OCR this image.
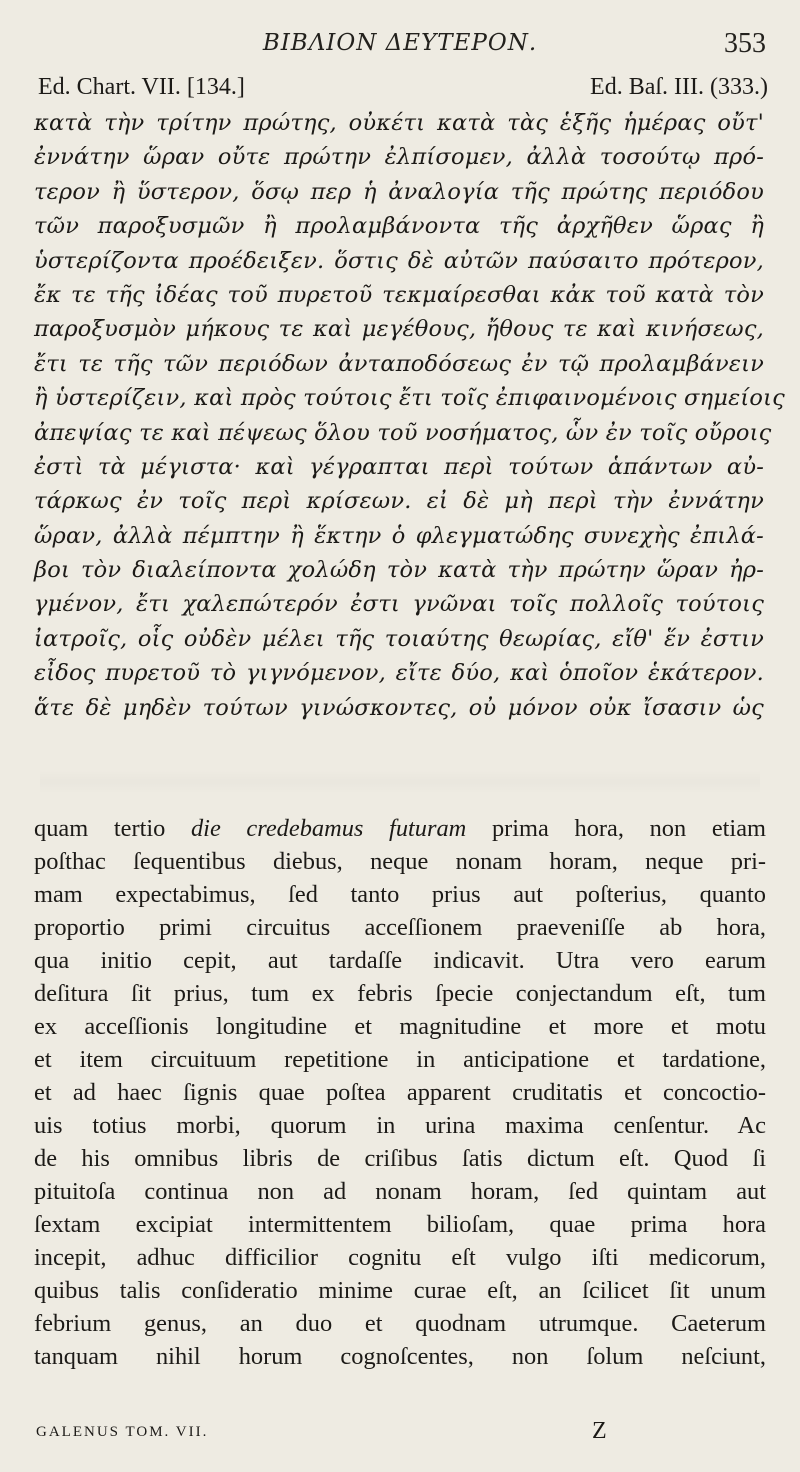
ΒΙΒΛΙΟΝ ΔΕΥΤΕΡΟΝ.	353
Ed. Chart. VII. [134.]	Ed. Baſ. III. (333.)
κατὰ τὴν τρίτην πρώτης, οὐκέτι κατὰ τὰς ἑξῆς ἡμέρας οὔτ'
ἐννάτην ὥραν οὔτε πρώτην ἐλπίσομεν, ἀλλὰ τοσούτῳ πρό-
τερον ἢ ὕστερον, ὅσῳ περ ἡ ἀναλογία τῆς πρώτης περιόδου
τῶν παροξυσμῶν ἢ προλαμβάνοντα τῆς ἀρχῆθεν ὥρας ἢ
ὑστερίζοντα προέδειξεν. ὅστις δὲ αὐτῶν παύσαιτο πρότερον,
ἔκ τε τῆς ἰδέας τοῦ πυρετοῦ τεκμαίρεσθαι κἀκ τοῦ κατὰ τὸν
παροξυσμὸν μήκους τε καὶ μεγέθους, ἤθους τε καὶ κινήσεως,
ἔτι τε τῆς τῶν περιόδων ἀνταποδόσεως ἐν τῷ προλαμβάνειν
ἢ ὑστερίζειν, καὶ πρὸς τούτοις ἔτι τοῖς ἐπιφαινομένοις σημείοις
ἀπεψίας τε καὶ πέψεως ὅλου τοῦ νοσήματος, ὧν ἐν τοῖς οὔροις
ἐστὶ τὰ μέγιστα· καὶ γέγραπται περὶ τούτων ἁπάντων αὐ-
τάρκως ἐν τοῖς περὶ κρίσεων. εἰ δὲ μὴ περὶ τὴν ἐννάτην
ὥραν, ἀλλὰ πέμπτην ἢ ἕκτην ὁ φλεγματώδης συνεχὴς ἐπιλά-
βοι τὸν διαλείποντα χολώδη τὸν κατὰ τὴν πρώτην ὥραν ἠρ-
γμένον, ἔτι χαλεπώτερόν ἐστι γνῶναι τοῖς πολλοῖς τούτοις
ἰατροῖς, οἷς οὐδὲν μέλει τῆς τοιαύτης θεωρίας, εἴθ' ἕν ἐστιν
εἶδος πυρετοῦ τὸ γιγνόμενον, εἴτε δύο, καὶ ὁποῖον ἑκάτερον.
ἅτε δὲ μηδὲν τούτων γινώσκοντες, οὐ μόνον οὐκ ἴσασιν ὡς
quam tertio die credebamus futuram prima hora, non etiam
poſthac ſequentibus diebus, neque nonam horam, neque pri-
mam expectabimus, ſed tanto prius aut poſterius, quanto
proportio primi circuitus acceſſionem praeveniſſe ab hora,
qua initio cepit, aut tardaſſe indicavit. Utra vero earum
deſitura ſit prius, tum ex febris ſpecie conjectandum eſt, tum
ex acceſſionis longitudine et magnitudine et more et motu
et item circuituum repetitione in anticipatione et tardatione,
et ad haec ſignis quae poſtea apparent cruditatis et concoctio-
uis totius morbi, quorum in urina maxima cenſentur. Ac
de his omnibus libris de criſibus ſatis dictum eſt. Quod ſi
pituitoſa continua non ad nonam horam, ſed quintam aut
ſextam excipiat intermittentem bilioſam, quae prima hora
incepit, adhuc difficilior cognitu eſt vulgo iſti medicorum,
quibus talis conſideratio minime curae eſt, an ſcilicet ſit unum
febrium genus, an duo et quodnam utrumque. Caeterum
tanquam nihil horum cognoſcentes, non ſolum neſciunt,
GALENUS TOM. VII.	Z
